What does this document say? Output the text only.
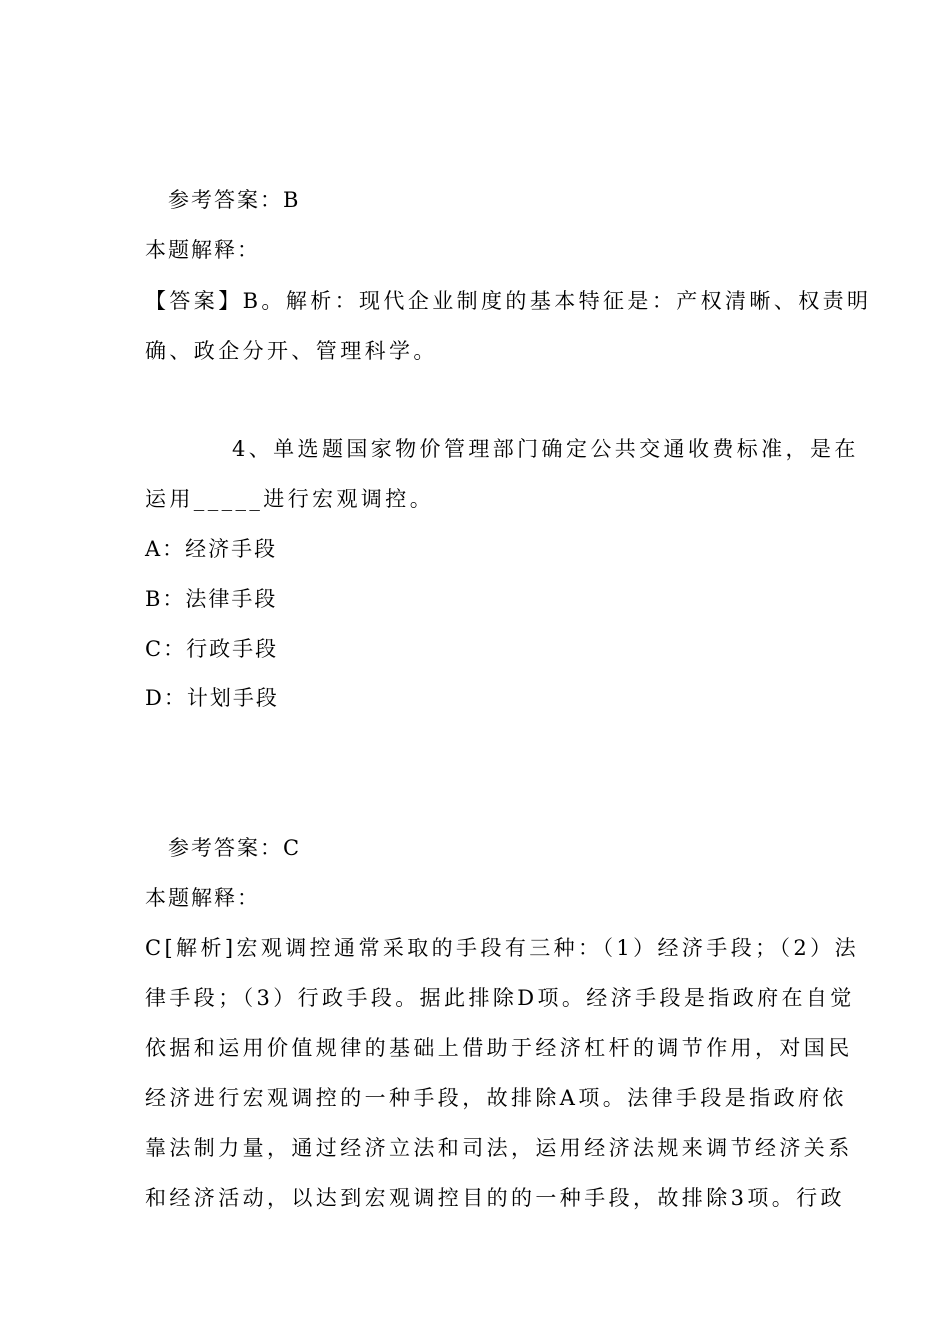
参考答案：B
本题解释：
【答案】B。解析：现代企业制度的基本特征是：产权清晰、权责明
确、政企分开、管理科学。
4、单选题国家物价管理部门确定公共交通收费标准，是在
运用_____进行宏观调控。
A：经济手段
B：法律手段
C：行政手段
D：计划手段
参考答案：C
本题解释：
C[解析]宏观调控通常采取的手段有三种：（1）经济手段；（2）法
律手段；（3）行政手段。据此排除D项。经济手段是指政府在自觉
依据和运用价值规律的基础上借助于经济杠杆的调节作用，对国民
经济进行宏观调控的一种手段，故排除A项。法律手段是指政府依
靠法制力量，通过经济立法和司法，运用经济法规来调节经济关系
和经济活动，以达到宏观调控目的的一种手段，故排除3项。行政
